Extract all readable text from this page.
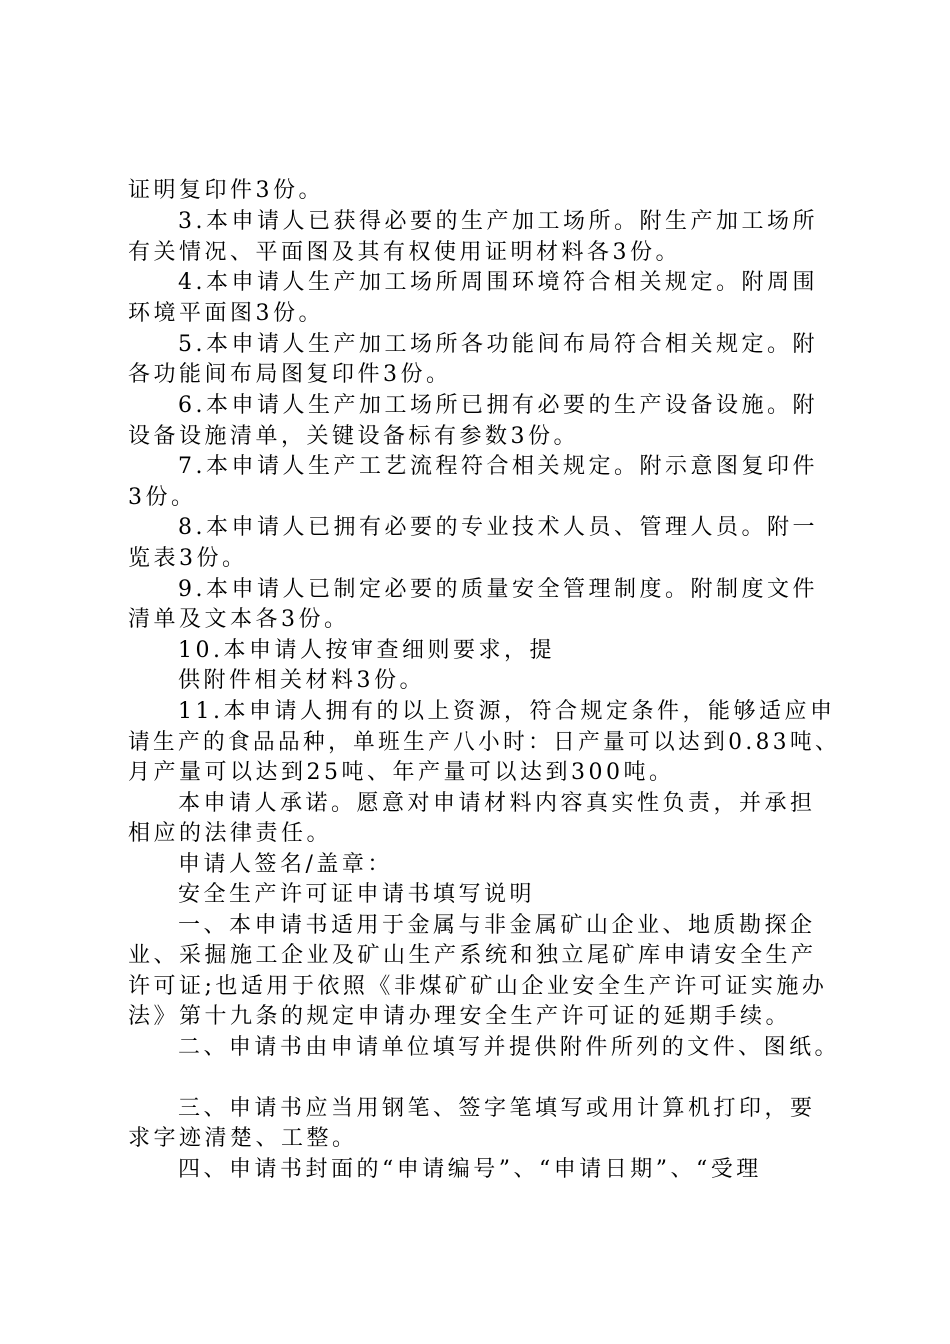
证明复印件3份。
3.本申请人已获得必要的生产加工场所。附生产加工场所
有关情况、平面图及其有权使用证明材料各3份。
4.本申请人生产加工场所周围环境符合相关规定。附周围
环境平面图3份。
5.本申请人生产加工场所各功能间布局符合相关规定。附
各功能间布局图复印件3份。
6.本申请人生产加工场所已拥有必要的生产设备设施。附
设备设施清单，关键设备标有参数3份。
7.本申请人生产工艺流程符合相关规定。附示意图复印件
3份。
8.本申请人已拥有必要的专业技术人员、管理人员。附一
览表3份。
9.本申请人已制定必要的质量安全管理制度。附制度文件
清单及文本各3份。
10.本申请人按审查细则要求，提
供附件相关材料3份。
11.本申请人拥有的以上资源，符合规定条件，能够适应申
请生产的食品品种，单班生产八小时：日产量可以达到0.83吨、
月产量可以达到25吨、年产量可以达到300吨。
本申请人承诺。愿意对申请材料内容真实性负责，并承担
相应的法律责任。
申请人签名/盖章：
安全生产许可证申请书填写说明
一、本申请书适用于金属与非金属矿山企业、地质勘探企
业、采掘施工企业及矿山生产系统和独立尾矿库申请安全生产
许可证;也适用于依照《非煤矿矿山企业安全生产许可证实施办
法》第十九条的规定申请办理安全生产许可证的延期手续。
二、申请书由申请单位填写并提供附件所列的文件、图纸。
三、申请书应当用钢笔、签字笔填写或用计算机打印，要
求字迹清楚、工整。
四、申请书封面的“申请编号”、“申请日期”、“受理
